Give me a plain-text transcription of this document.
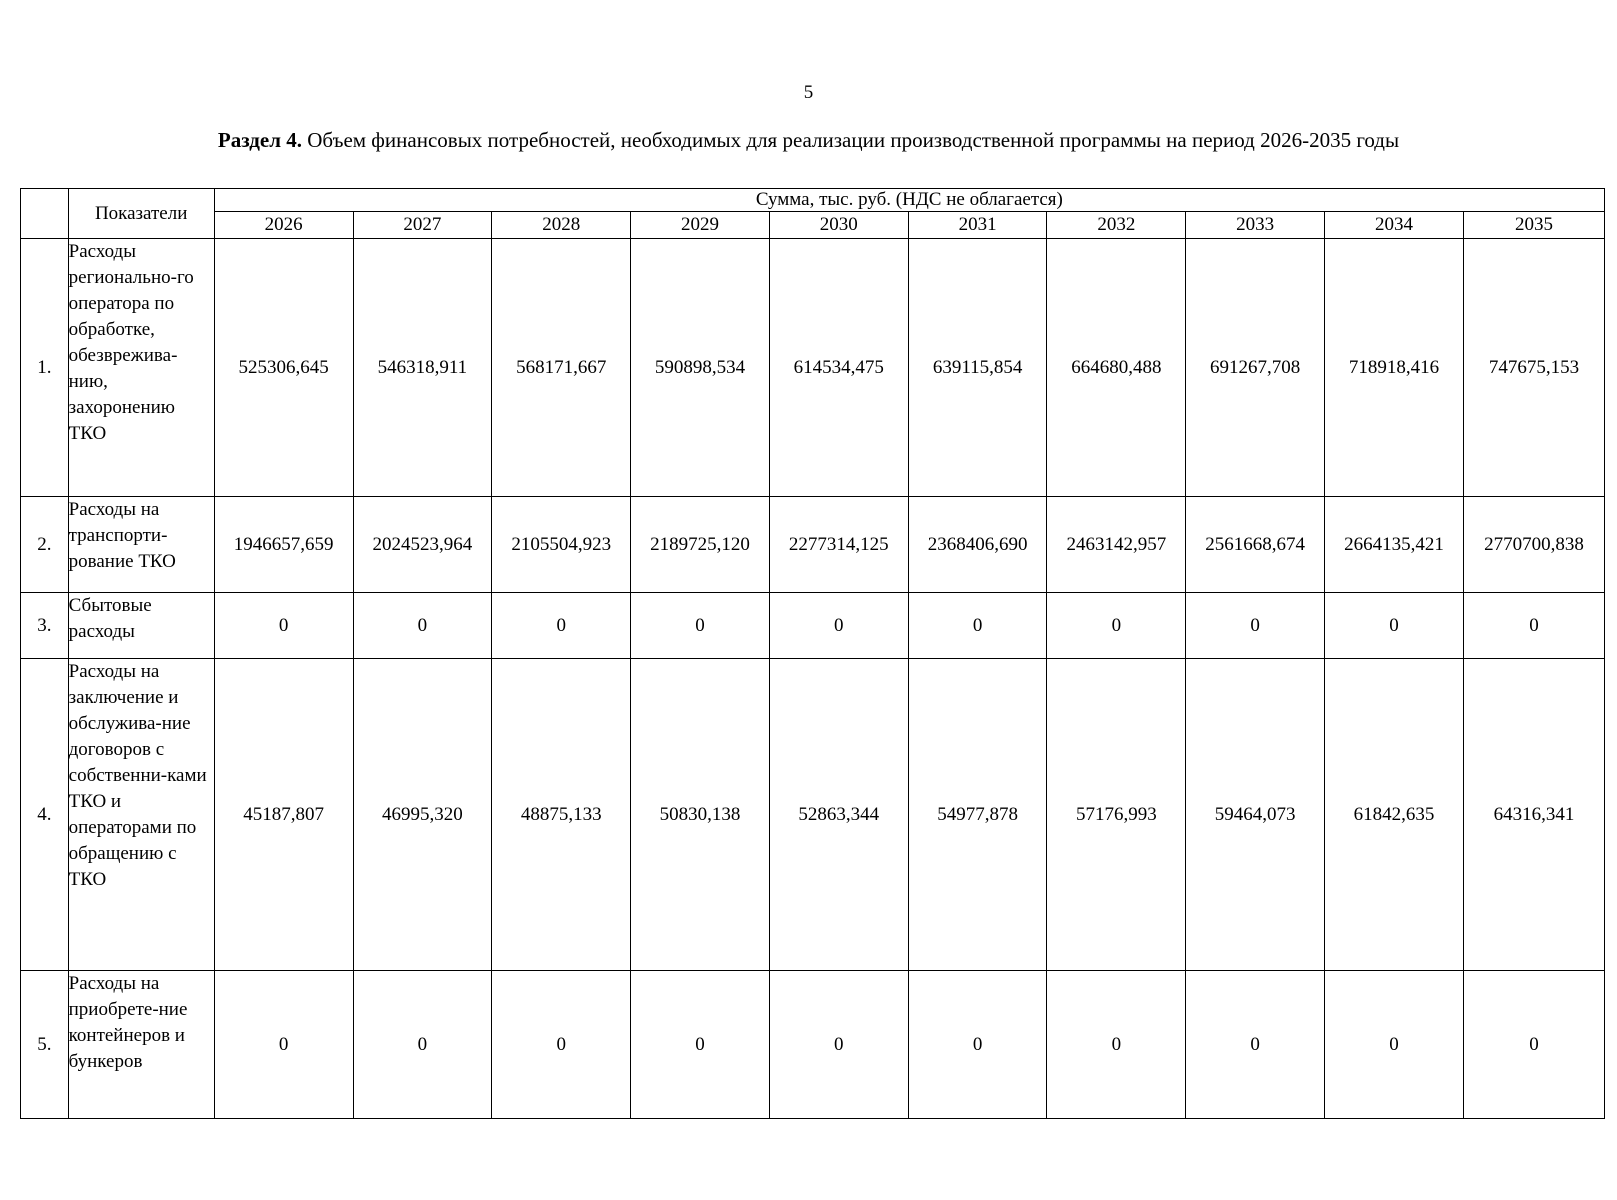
5
Раздел 4. Объем финансовых потребностей, необходимых для реализации производственной программы на период 2026-2035 годы
	Показатели	Сумма, тыс. руб. (НДС не облагается)									
		2026	2027	2028	2029	2030	2031	2032	2033	2034	2035
1.	Расходы регионально-го оператора по обработке, обезврежива-нию, захоронению ТКО	525306,645	546318,911	568171,667	590898,534	614534,475	639115,854	664680,488	691267,708	718918,416	747675,153
2.	Расходы на транспорти-рование ТКО	1946657,659	2024523,964	2105504,923	2189725,120	2277314,125	2368406,690	2463142,957	2561668,674	2664135,421	2770700,838
3.	Сбытовые расходы	0	0	0	0	0	0	0	0	0	0
4.	Расходы на заключение и обслужива-ние договоров с собственни-ками ТКО и операторами по обращению с ТКО	45187,807	46995,320	48875,133	50830,138	52863,344	54977,878	57176,993	59464,073	61842,635	64316,341
5.	Расходы на приобрете-ние контейнеров и бункеров	0	0	0	0	0	0	0	0	0	0
